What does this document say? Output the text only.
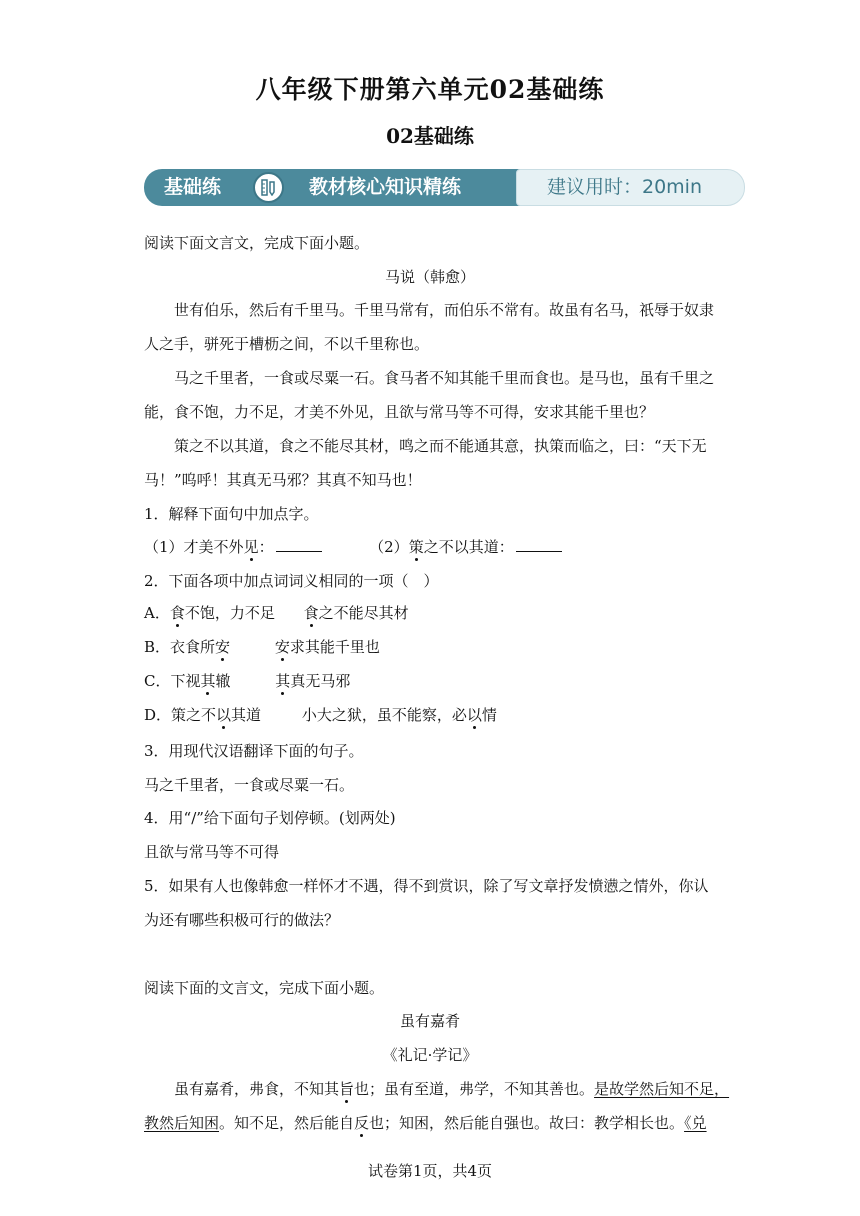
八年级下册第六单元02基础练
02基础练
基础练	教材核心知识精练	建议用时：20min
阅读下面文言文，完成下面小题。
马说（韩愈）
世有伯乐，然后有千里马。千里马常有，而伯乐不常有。故虽有名马，祇辱于奴隶
人之手，骈死于槽枥之间，不以千里称也。
马之千里者，一食或尽粟一石。食马者不知其能千里而食也。是马也，虽有千里之
能，食不饱，力不足，才美不外见，且欲与常马等不可得，安求其能千里也？
策之不以其道，食之不能尽其材，鸣之而不能通其意，执策而临之，曰：“天下无
马！”呜呼！其真无马邪？其真不知马也！
1．解释下面句中加点字。
（1）才美不外见：	（2）策之不以其道：
2．下面各项中加点词词义相同的一项（　）
A．食不饱，力不足 食之不能尽其材
B．衣食所安	安求其能千里也
C．下视其辙	其真无马邪
D．策之不以其道	小大之狱，虽不能察，必以情
3．用现代汉语翻译下面的句子。
马之千里者，一食或尽粟一石。
4．用“/”给下面句子划停顿。(划两处)
且欲与常马等不可得
5．如果有人也像韩愈一样怀才不遇，得不到赏识，除了写文章抒发愤懑之情外，你认
为还有哪些积极可行的做法？
阅读下面的文言文，完成下面小题。
虽有嘉肴
《礼记·学记》
虽有嘉肴，弗食，不知其旨也；虽有至道，弗学，不知其善也。是故学然后知不足，
教然后知困。知不足，然后能自反也；知困，然后能自强也。故曰：教学相长也。《兑
试卷第1页，共4页
